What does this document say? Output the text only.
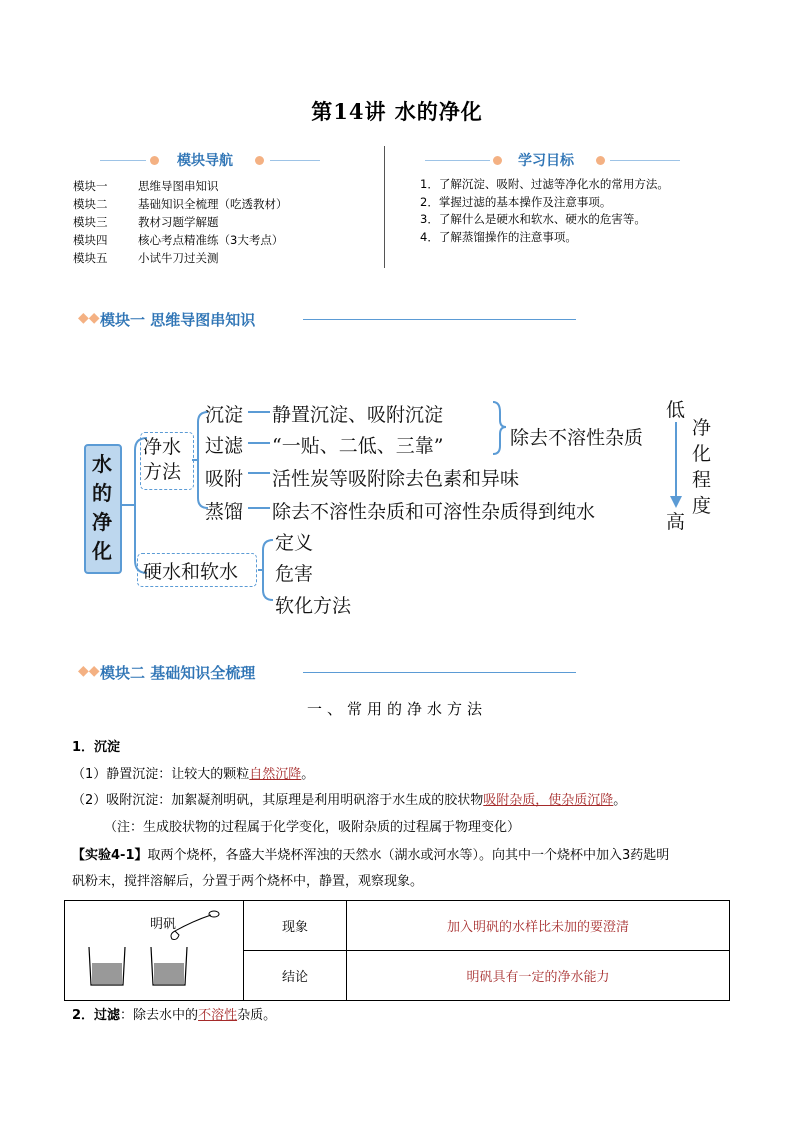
第14讲 水的净化
模块导航
模块一	思维导图串知识
模块二	基础知识全梳理（吃透教材）
模块三	教材习题学解题
模块四	核心考点精准练（3大考点）
模块五	小试牛刀过关测
学习目标
1．了解沉淀、吸附、过滤等净化水的常用方法。
2．掌握过滤的基本操作及注意事项。
3．了解什么是硬水和软水、硬水的危害等。
4．了解蒸馏操作的注意事项。
◆◆ 模块一 思维导图串知识
水的净化
净水方法
沉淀 静置沉淀、吸附沉淀
过滤 “一贴、二低、三靠”
吸附 活性炭等吸附除去色素和异味
蒸馏 除去不溶性杂质和可溶性杂质得到纯水
除去不溶性杂质
低
高
净
化
程
度
硬水和软水
定义
危害
软化方法
◆◆ 模块二 基础知识全梳理
一、常用的净水方法
1．沉淀
（1）静置沉淀：让较大的颗粒自然沉降。
（2）吸附沉淀：加絮凝剂明矾，其原理是利用明矾溶于水生成的胶状物吸附杂质，使杂质沉降。
（注：生成胶状物的过程属于化学变化，吸附杂质的过程属于物理变化）
【实验4-1】取两个烧杯，各盛大半烧杯浑浊的天然水（湖水或河水等）。向其中一个烧杯中加入3药匙明
矾粉末，搅拌溶解后，分置于两个烧杯中，静置，观察现象。
明矾	现象	加入明矾的水样比未加的要澄清
	结论	明矾具有一定的净水能力
2．过滤：除去水中的不溶性杂质。
